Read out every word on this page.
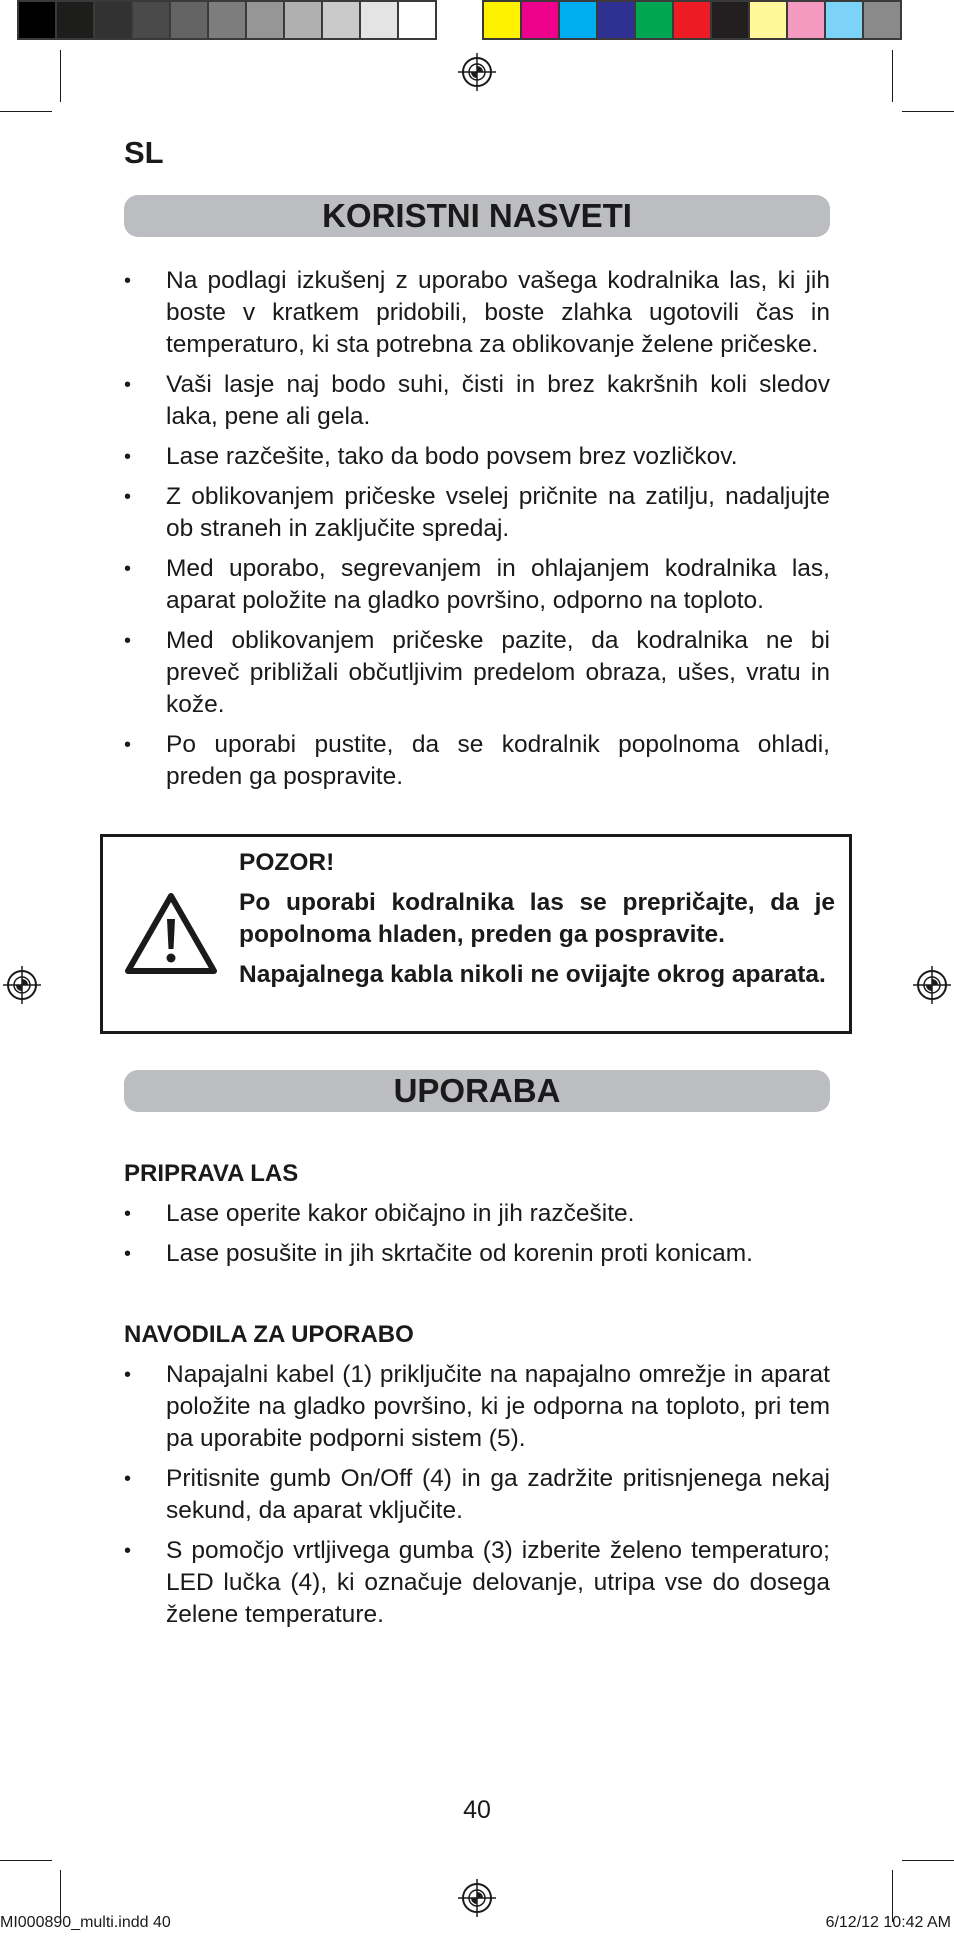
SL
KORISTNI NASVETI
• Na podlagi izkušenj z uporabo vašega kodralnika las, ki jih boste v kratkem pridobili, boste zlahka ugotovili čas in temperaturo, ki sta potrebna za oblikovanje želene pričeske.
• Vaši lasje naj bodo suhi, čisti in brez kakršnih koli sledov laka, pene ali gela.
• Lase razčešite, tako da bodo povsem brez vozličkov.
• Z oblikovanjem pričeske vselej pričnite na zatilju, nadaljujte ob straneh in zaključite spredaj.
• Med uporabo, segrevanjem in ohlajanjem kodralnika las, aparat položite na gladko površino, odporno na toploto.
• Med oblikovanjem pričeske pazite, da kodralnika ne bi preveč približali občutljivim predelom obraza, ušes, vratu in kože.
• Po uporabi pustite, da se kodralnik popolnoma ohladi, preden ga pospravite.

POZOR!

Po uporabi kodralnika las se prepričajte, da je popolnoma hladen, preden ga pospravite.

Napajalnega kabla nikoli ne ovijajte okrog aparata.

UPORABA
PRIPRAVA LAS
• Lase operite kakor običajno in jih razčešite.
• Lase posušite in jih skrtačite od korenin proti konicam.
NAVODILA ZA UPORABO
• Napajalni kabel (1) priključite na napajalno omrežje in aparat položite na gladko površino, ki je odporna na toploto, pri tem pa uporabite podporni sistem (5).
• Pritisnite gumb On/Off (4) in ga zadržite pritisnjenega nekaj sekund, da aparat vključite.
• S pomočjo vrtljivega gumba (3) izberite želeno temperaturo; LED lučka (4), ki označuje delovanje, utripa vse do dosega želene temperature.
40
MI000890_multi.indd 40	6/12/12 10:42 AM
